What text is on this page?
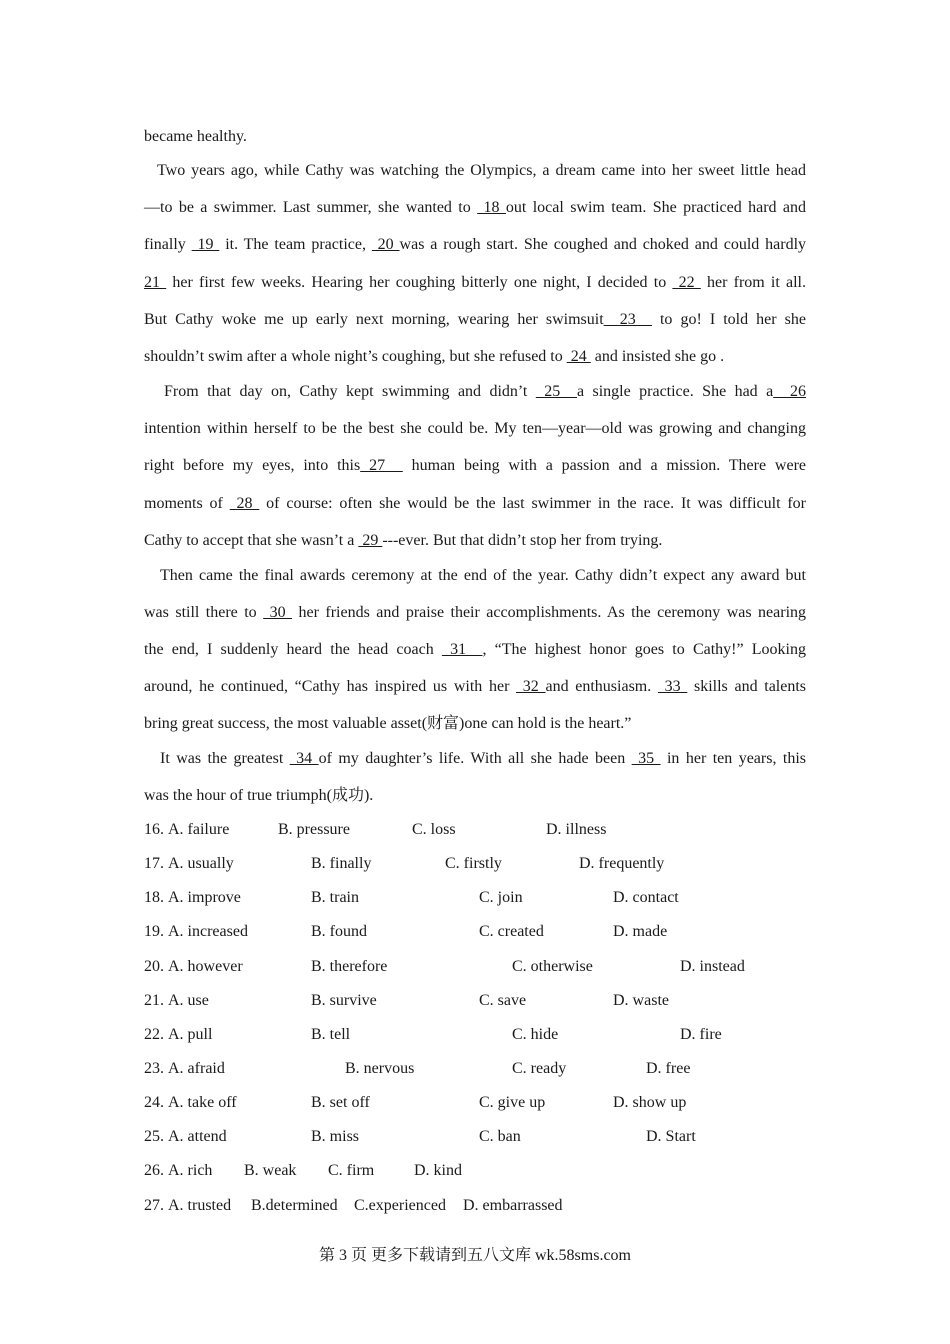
became healthy.
Two years ago, while Cathy was watching the Olympics, a dream came into her sweet little head
—to be a swimmer. Last summer, she wanted to  18 out local swim team. She practiced hard and
finally  19  it. The team practice,  20 was a rough start. She coughed and choked and could hardly
21  her first few weeks. Hearing her coughing bitterly one night, I decided to  22  her from it all.
But Cathy woke me up early next morning, wearing her swimsuit  23   to go! I told her she
shouldn’t swim after a whole night’s coughing, but she refused to  24  and insisted she go .
From that day on, Cathy kept swimming and didn’t  25  a single practice. She had a  26
intention within herself to be the best she could be. My ten—year—old was growing and changing
right before my eyes, into this 27   human being with a passion and a mission. There were
moments of  28  of course: often she would be the last swimmer in the race. It was difficult for
Cathy to accept that she wasn’t a  29 ---ever. But that didn’t stop her from trying.
Then came the final awards ceremony at the end of the year. Cathy didn’t expect any award but
was still there to  30  her friends and praise their accomplishments. As the ceremony was nearing
the end, I suddenly heard the head coach  31  , “The highest honor goes to Cathy!” Looking
around, he continued, “Cathy has inspired us with her  32 and enthusiasm.  33  skills and talents
bring great success, the most valuable asset(财富)one can hold is the heart.”
It was the greatest  34 of my daughter’s life. With all she hade been  35  in her ten years, this
was the hour of true triumph(成功).
16. A. failure	B. pressure	C. loss	D. illness
17. A. usually	B. finally	C. firstly	D. frequently
18. A. improve	B. train	C. join	D. contact
19. A. increased	B. found	C. created	D. made
20. A. however	B. therefore	C. otherwise	D. instead
21. A. use	B. survive	C. save	D. waste
22. A. pull	B. tell	C. hide	D. fire
23. A. afraid	B. nervous	C. ready	D. free
24. A. take off	B. set off	C. give up	D. show up
25. A. attend	B. miss	C. ban	D. Start
26. A. rich B. weak C. firm D. kind
27. A. trusted B.determined C.experienced D. embarrassed
第 3 页 更多下载请到五八文库 wk.58sms.com
